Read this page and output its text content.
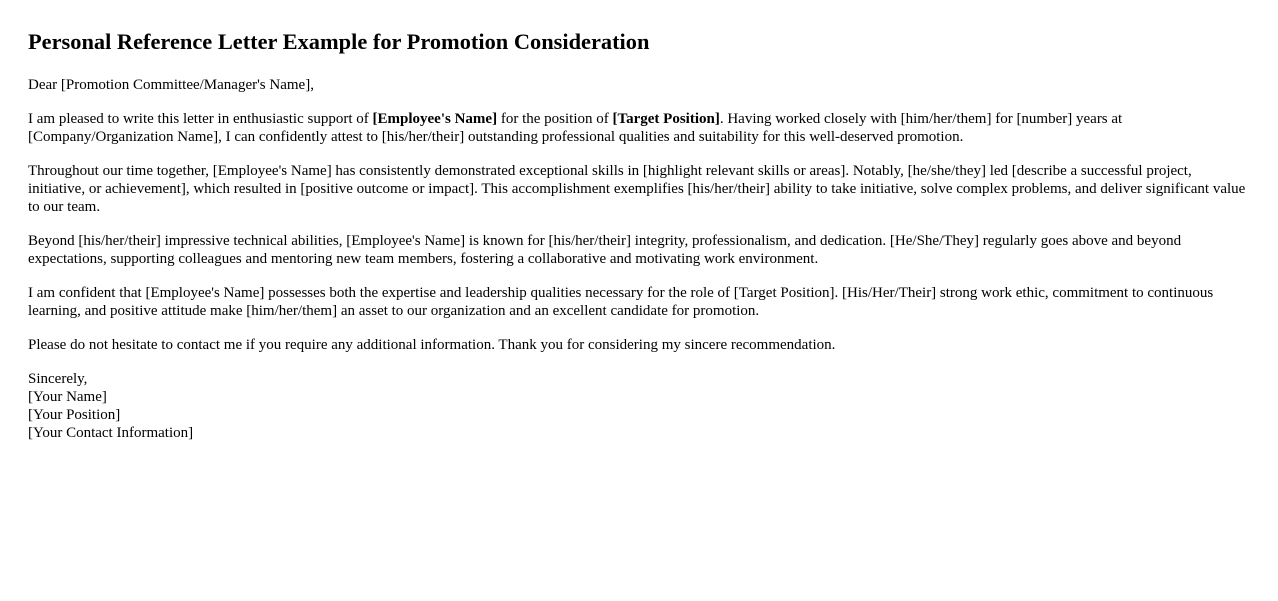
Personal Reference Letter Example for Promotion Consideration

Dear [Promotion Committee/Manager's Name],

I am pleased to write this letter in enthusiastic support of [Employee's Name] for the position of [Target Position]. Having worked closely with [him/her/them] for [number] years at [Company/Organization Name], I can confidently attest to [his/her/their] outstanding professional qualities and suitability for this well-deserved promotion.

Throughout our time together, [Employee's Name] has consistently demonstrated exceptional skills in [highlight relevant skills or areas]. Notably, [he/she/they] led [describe a successful project, initiative, or achievement], which resulted in [positive outcome or impact]. This accomplishment exemplifies [his/her/their] ability to take initiative, solve complex problems, and deliver significant value to our team.

Beyond [his/her/their] impressive technical abilities, [Employee's Name] is known for [his/her/their] integrity, professionalism, and dedication. [He/She/They] regularly goes above and beyond expectations, supporting colleagues and mentoring new team members, fostering a collaborative and motivating work environment.

I am confident that [Employee's Name] possesses both the expertise and leadership qualities necessary for the role of [Target Position]. [His/Her/Their] strong work ethic, commitment to continuous learning, and positive attitude make [him/her/them] an asset to our organization and an excellent candidate for promotion.

Please do not hesitate to contact me if you require any additional information. Thank you for considering my sincere recommendation.

Sincerely,
[Your Name]
[Your Position]
[Your Contact Information]
